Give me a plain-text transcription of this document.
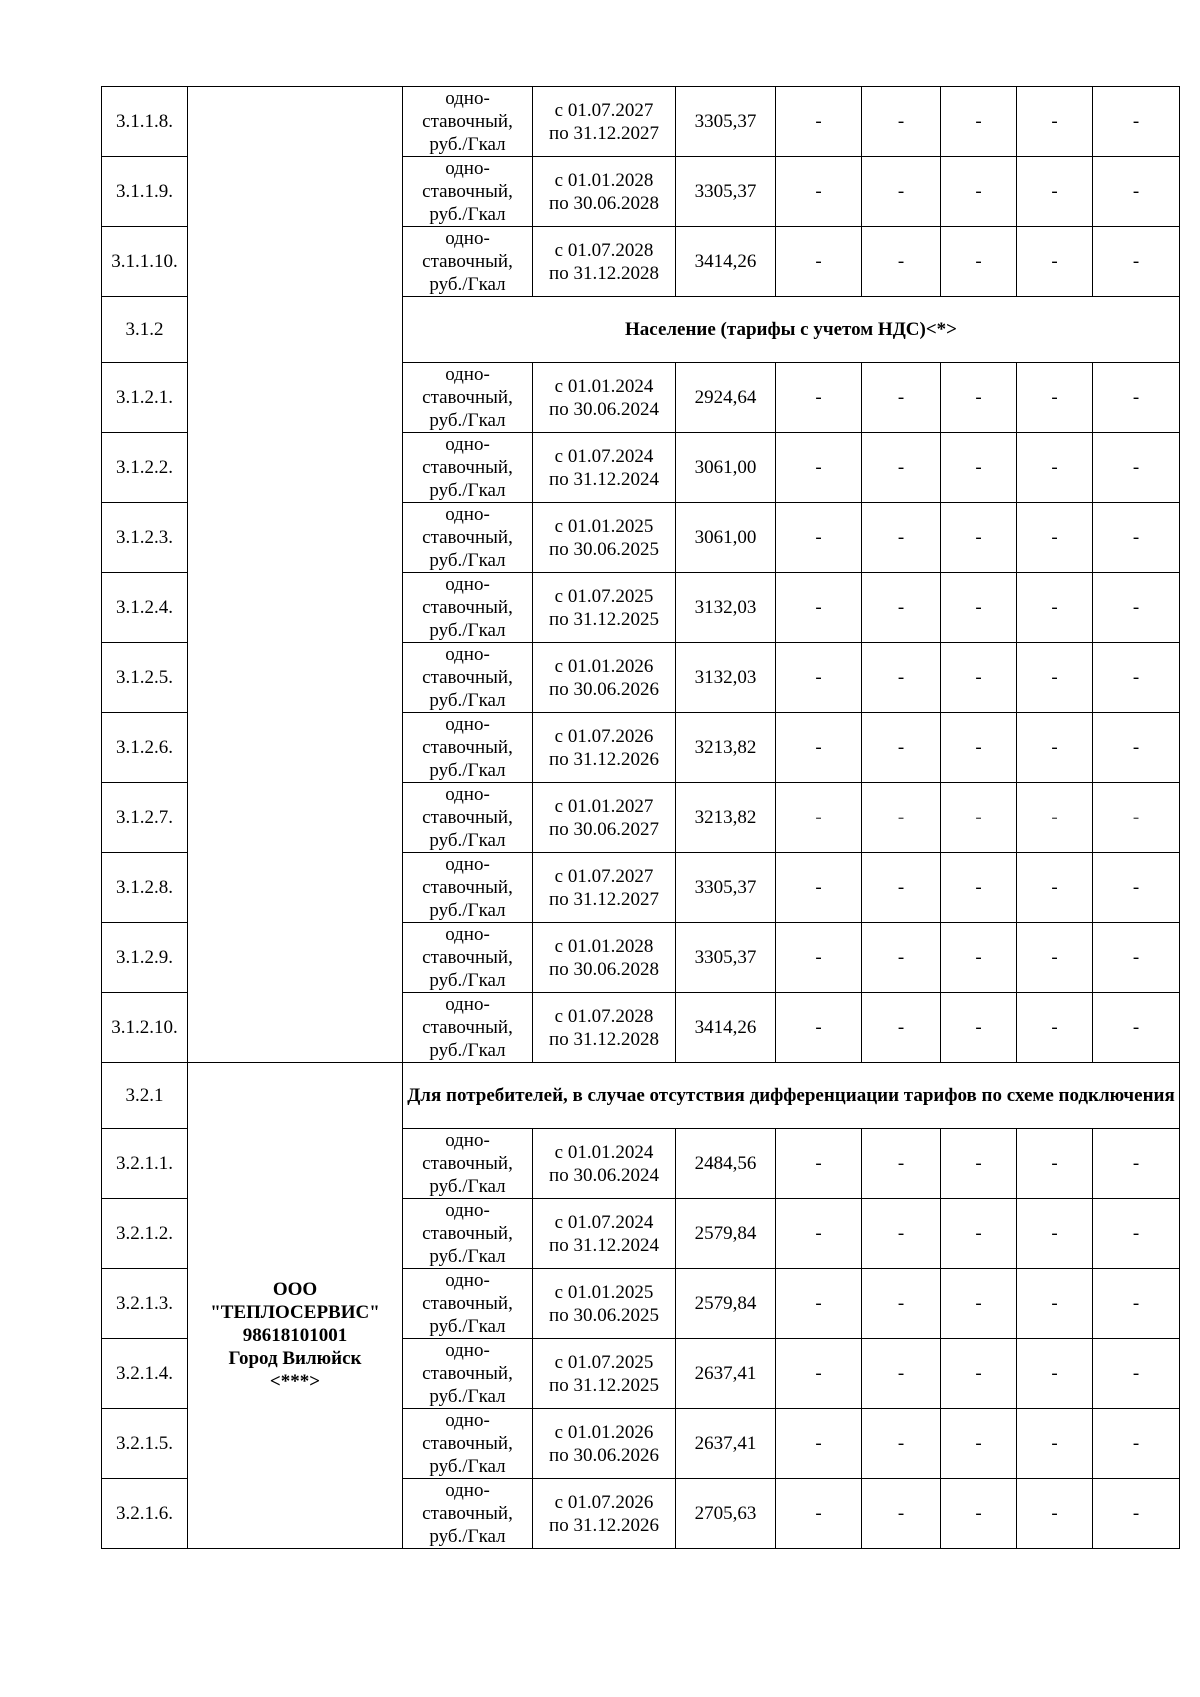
3.1.1.8.		одно-ставочный, руб./Гкал	с 01.07.2027
по 31.12.2027	3305,37	-	-	-	-	-
3.1.1.9.		одно-ставочный, руб./Гкал	с 01.01.2028
по 30.06.2028	3305,37	-	-	-	-	-
3.1.1.10.		одно-ставочный, руб./Гкал	с 01.07.2028
по 31.12.2028	3414,26	-	-	-	-	-
3.1.2		Население (тарифы с учетом НДС)<*>							
3.1.2.1.		одно-ставочный, руб./Гкал	с 01.01.2024
по 30.06.2024	2924,64	-	-	-	-	-
3.1.2.2.		одно-ставочный, руб./Гкал	с 01.07.2024
по 31.12.2024	3061,00	-	-	-	-	-
3.1.2.3.		одно-ставочный, руб./Гкал	с 01.01.2025
по 30.06.2025	3061,00	-	-	-	-	-
3.1.2.4.		одно-ставочный, руб./Гкал	с 01.07.2025
по 31.12.2025	3132,03	-	-	-	-	-
3.1.2.5.		одно-ставочный, руб./Гкал	с 01.01.2026
по 30.06.2026	3132,03	-	-	-	-	-
3.1.2.6.		одно-ставочный, руб./Гкал	с 01.07.2026
по 31.12.2026	3213,82	-	-	-	-	-
3.1.2.7.		одно-ставочный, руб./Гкал	с 01.01.2027
по 30.06.2027	3213,82	-	-	-	-	-
3.1.2.8.		одно-ставочный, руб./Гкал	с 01.07.2027
по 31.12.2027	3305,37	-	-	-	-	-
3.1.2.9.		одно-ставочный, руб./Гкал	с 01.01.2028
по 30.06.2028	3305,37	-	-	-	-	-
3.1.2.10.		одно-ставочный, руб./Гкал	с 01.07.2028
по 31.12.2028	3414,26	-	-	-	-	-
3.2.1	ООО
"ТЕПЛОСЕРВИС"
98618101001
Город Вилюйск
<***>	Для потребителей, в случае отсутствия дифференциации тарифов по схеме подключения							
3.2.1.1.		одно-ставочный, руб./Гкал	с 01.01.2024
по 30.06.2024	2484,56	-	-	-	-	-
3.2.1.2.		одно-ставочный, руб./Гкал	с 01.07.2024
по 31.12.2024	2579,84	-	-	-	-	-
3.2.1.3.		одно-ставочный, руб./Гкал	с 01.01.2025
по 30.06.2025	2579,84	-	-	-	-	-
3.2.1.4.		одно-ставочный, руб./Гкал	с 01.07.2025
по 31.12.2025	2637,41	-	-	-	-	-
3.2.1.5.		одно-ставочный, руб./Гкал	с 01.01.2026
по 30.06.2026	2637,41	-	-	-	-	-
3.2.1.6.		одно-ставочный, руб./Гкал	с 01.07.2026
по 31.12.2026	2705,63	-	-	-	-	-
